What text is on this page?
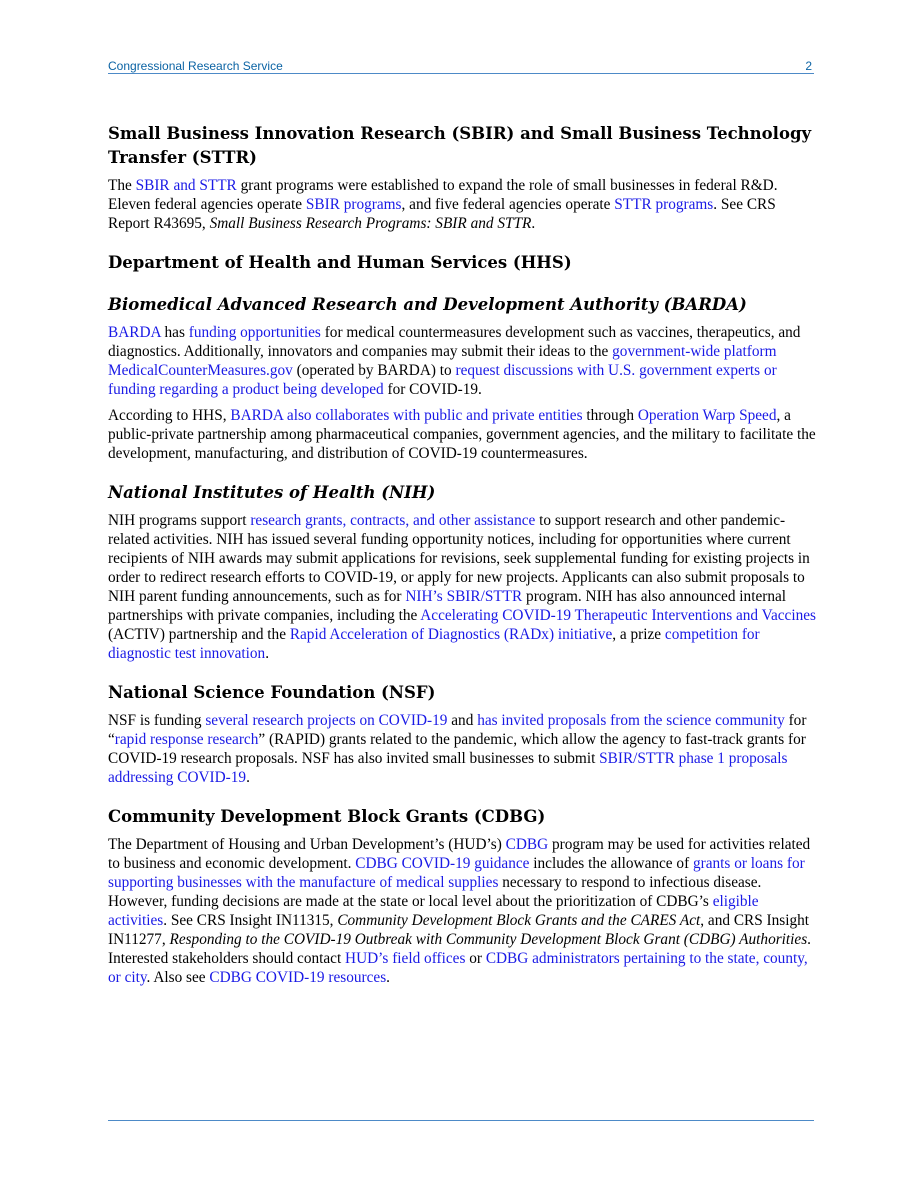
Congressional Research Service	2
Small Business Innovation Research (SBIR) and Small Business Technology Transfer (STTR)

The SBIR and STTR grant programs were established to expand the role of small businesses in federal R&D. Eleven federal agencies operate SBIR programs, and five federal agencies operate STTR programs. See CRS Report R43695, Small Business Research Programs: SBIR and STTR.

Department of Health and Human Services (HHS)
Biomedical Advanced Research and Development Authority (BARDA)

BARDA has funding opportunities for medical countermeasures development such as vaccines, therapeutics, and diagnostics. Additionally, innovators and companies may submit their ideas to the government-wide platform MedicalCounterMeasures.gov (operated by BARDA) to request discussions with U.S. government experts or funding regarding a product being developed for COVID-19.

According to HHS, BARDA also collaborates with public and private entities through Operation Warp Speed, a public-private partnership among pharmaceutical companies, government agencies, and the military to facilitate the development, manufacturing, and distribution of COVID-19 countermeasures.

National Institutes of Health (NIH)

NIH programs support research grants, contracts, and other assistance to support research and other pandemic-related activities. NIH has issued several funding opportunity notices, including for opportunities where current recipients of NIH awards may submit applications for revisions, seek supplemental funding for existing projects in order to redirect research efforts to COVID-19, or apply for new projects. Applicants can also submit proposals to NIH parent funding announcements, such as for NIH’s SBIR/STTR program. NIH has also announced internal partnerships with private companies, including the Accelerating COVID-19 Therapeutic Interventions and Vaccines (ACTIV) partnership and the Rapid Acceleration of Diagnostics (RADx) initiative, a prize competition for diagnostic test innovation.

National Science Foundation (NSF)

NSF is funding several research projects on COVID-19 and has invited proposals from the science community for “rapid response research” (RAPID) grants related to the pandemic, which allow the agency to fast-track grants for COVID-19 research proposals. NSF has also invited small businesses to submit SBIR/STTR phase 1 proposals addressing COVID-19.

Community Development Block Grants (CDBG)

The Department of Housing and Urban Development’s (HUD’s) CDBG program may be used for activities related to business and economic development. CDBG COVID-19 guidance includes the allowance of grants or loans for supporting businesses with the manufacture of medical supplies necessary to respond to infectious disease. However, funding decisions are made at the state or local level about the prioritization of CDBG’s eligible activities. See CRS Insight IN11315, Community Development Block Grants and the CARES Act, and CRS Insight IN11277, Responding to the COVID-19 Outbreak with Community Development Block Grant (CDBG) Authorities. Interested stakeholders should contact HUD’s field offices or CDBG administrators pertaining to the state, county, or city. Also see CDBG COVID-19 resources.
